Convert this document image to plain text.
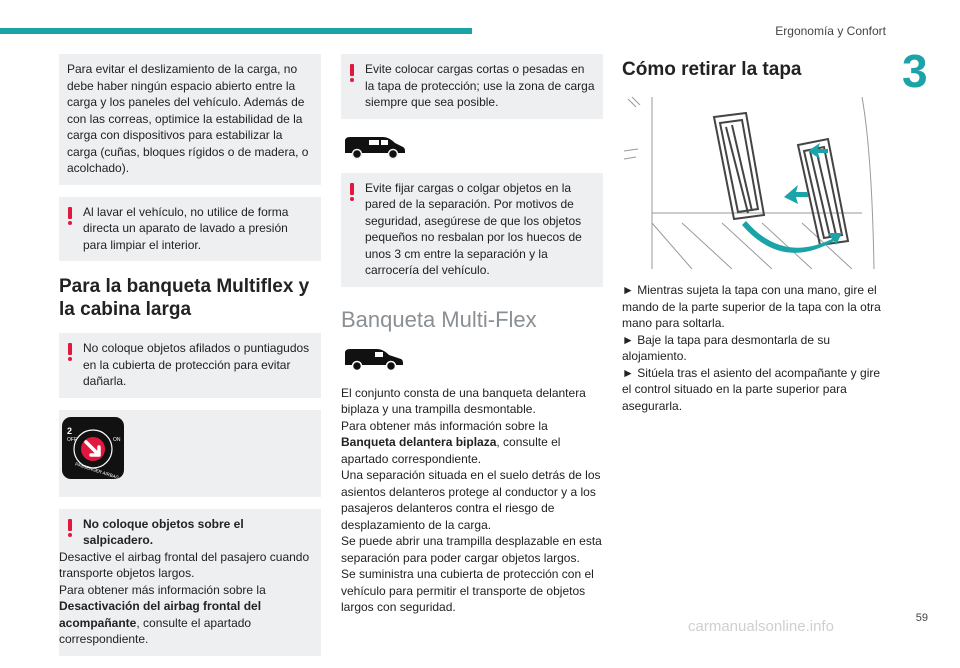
Ergonomía y Confort
3

Para evitar el deslizamiento de la carga, no debe haber ningún espacio abierto entre la carga y los paneles del vehículo. Además de con las correas, optimice la estabilidad de la carga con dispositivos para estabilizar la carga (cuñas, bloques rígidos o de madera, o acolchado).

Al lavar el vehículo, no utilice de forma directa un aparato de lavado a presión para limpiar el interior.

Para la banqueta Multiflex y la cabina larga

No coloque objetos afilados o puntiagudos en la cubierta de protección para evitar dañarla.

2
OFF	ON
PASSENGER AIRBAG

No coloque objetos sobre el salpicadero.

Desactive el airbag frontal del pasajero cuando transporte objetos largos.

Para obtener más información sobre la Desactivación del airbag frontal del acompañante, consulte el apartado correspondiente.

Evite colocar cargas cortas o pesadas en la tapa de protección; use la zona de carga siempre que sea posible.

Evite fijar cargas o colgar objetos en la pared de la separación. Por motivos de seguridad, asegúrese de que los objetos pequeños no resbalan por los huecos de unos 3 cm entre la separación y la carrocería del vehículo.

Banqueta Multi-Flex

El conjunto consta de una banqueta delantera biplaza y una trampilla desmontable.

Para obtener más información sobre la Banqueta delantera biplaza, consulte el apartado correspondiente.

Una separación situada en el suelo detrás de los asientos delanteros protege al conductor y a los pasajeros delanteros contra el riesgo de desplazamiento de la carga.

Se puede abrir una trampilla desplazable en esta separación para poder cargar objetos largos.

Se suministra una cubierta de protección con el vehículo para permitir el transporte de objetos largos con seguridad.

Cómo retirar la tapa

► Mientras sujeta la tapa con una mano, gire el mando de la parte superior de la tapa con la otra mano para soltarla.

► Baje la tapa para desmontarla de su alojamiento.

► Sitúela tras el asiento del acompañante y gire el control situado en la parte superior para asegurarla.

59
carmanualsonline.info
